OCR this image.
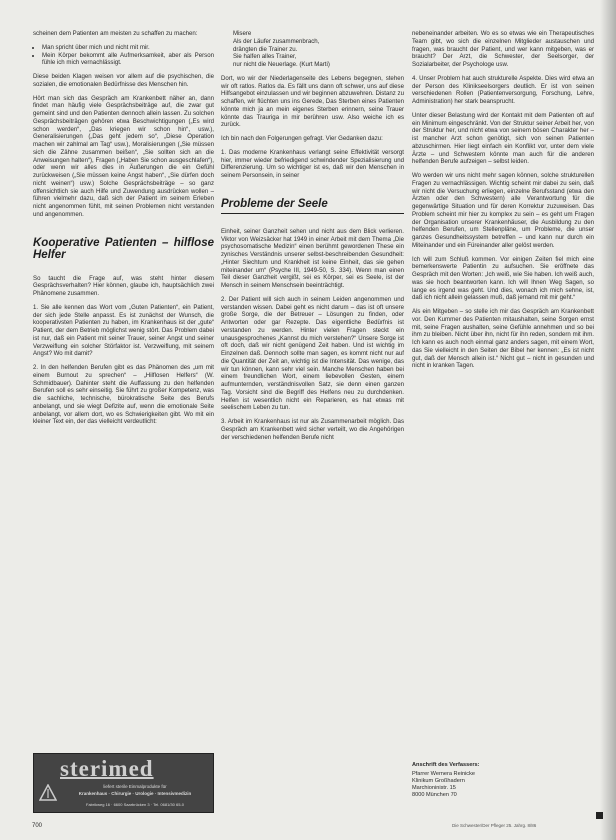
scheinen dem Patienten am meisten zu schaffen zu machen:

• Man spricht über mich und nicht mit mir.
• Mein Körper bekommt alle Aufmerksamkeit, aber als Person fühle ich mich vernachlässigt.

Diese beiden Klagen weisen vor allem auf die psychischen, die sozialen, die emotionalen Bedürfnisse des Menschen hin.

Hört man sich das Gespräch am Krankenbett näher an, dann findet man häufig viele Gesprächsbeiträge auf, die zwar gut gemeint sind und den Patienten dennoch allein lassen. Zu solchen Gesprächsbeiträgen gehören etwa Beschwichtigungen („Es wird schon werden“, „Das kriegen wir schon hin“, usw.), Generalisierungen („Das geht jedem so“, „Diese Operation machen wir zahlmal am Tag“ usw.), Moralisierungen („Sie müssen sich die Zähne zusammen beißen“, „Sie sollten sich an die Anweisungen halten“), Fragen („Haben Sie schon ausgeschlafen“), oder wenn wir alles dies in Äußerungen die ein Gefühl zurückweisen („Sie müssen keine Angst haben“, „Sie dürfen doch nicht weinen“) usw.) Solche Gesprächsbeiträge – so ganz offensichtlich sie auch Hilfe und Zuwendung ausdrücken wollen – führen vielmehr dazu, daß sich der Patient im seinem Erleben nicht angenommen fühlt, mit seinen Problemen nicht verstanden und angenommen.

Kooperative Patienten – hilflose Helfer

So taucht die Frage auf, was steht hinter diesem Gesprächsverhalten? Hier können, glaube ich, hauptsächlich zwei Phänomene zusammen.

1. Sie alle kennen das Wort vom „Guten Patienten“, ein Patient, der sich jede Stelle anpasst. Es ist zunächst der Wunsch, die kooperativsten Patienten zu haben, im Krankenhaus ist der „gute“ Patient, der dem Betrieb möglichst wenig stört. Das Problem dabei ist nur, daß ein Patient mit seiner Trauer, seiner Angst und seiner Verzweiflung ein solcher Störfaktor ist. Verzweiflung, mit seinem Angst? Wo mit damit?

2. In den helfenden Berufen gibt es das Phänomen des „um mit einem Burnout zu sprechen“ – „Hilflosen Helfers“ (W. Schmidbauer). Dahinter steht die Auffassung zu den helfenden Berufen soll es sehr einseitig. Sie führt zu großer Kompetenz, was die sachliche, technische, bürokratische Seite des Berufs anbelangt, und sie wiegt Defizite auf, wenn die emotionale Seite anbelangt, vor allem dort, wo es Schwierigkeiten gibt. Wo mit ein kleiner Text ein, der das vielleicht verdeutlicht:

Misere
Als der Läufer zusammenbrach,
drängten die Trainer zu.
Sie halfen alles Trainer,
nur nicht die Neuerlage. (Kurt Marti)

Dort, wo wir der Niederlagenseite des Lebens begegnen, stehen wir oft ratlos. Ratlos da. Es fällt uns dann oft schwer, uns auf diese Hilfsangebot einzulassen und wir beginnen abzuwehren. Distanz zu schaffen, wir flüchten uns ins Gerede, Das Sterben eines Patienten könnte mich ja an mein eigenes Sterben erinnern, seine Trauer könnte das Trauriga in mir berühren usw. Also weiche ich es zurück.

Ich bin nach den Folgerungen gefragt. Vier Gedanken dazu:

1. Das moderne Krankenhaus verlangt seine Effektivität versorgt hier, immer wieder befriedigend schwindender Spezialisierung und Differenzierung. Um so wichtiger ist es, daß wir den Menschen in seinem Personsein, in seiner

Probleme der Seele

Einheit, seiner Ganzheit sehen und nicht aus dem Blick verlieren. Viktor von Weizsäcker hat 1949 in einer Arbeit mit dem Thema „Die psychosomatische Medizin“ einen berühmt gewordenen These ein zynisches Verständnis unserer selbst-beschreibenden Gesundheit: „Hinter Siechtum und Krankheit ist keine Einheit, das sie gehen miteinander um“ (Psyche III, 1949-50, S. 334). Wenn man einen Teil dieser Ganzheit vergißt, sei es Körper, sei es Seele, ist der Mensch in seinem Menschsein beeinträchtigt.

2. Der Patient will sich auch in seinem Leiden angenommen und verstanden wissen. Dabei geht es nicht darum – das ist oft unsere große Sorge, die der Betreuer – Lösungen zu finden, oder Antworten oder gar Rezepte. Das eigentliche Bedürfnis ist verstanden zu werden. Hinter vielen Fragen steckt ein unausgesprochenes „Kannst du mich verstehen?“ Unsere Sorge ist oft doch, daß wir nicht genügend Zeit haben. Und ist wichtig im Einzelnen daß. Dennoch sollte man sagen, es kommt nicht nur auf die Quantität der Zeit an, wichtig ist die Intensität. Das wenige, das wir tun können, kann sehr viel sein. Manche Menschen haben bei einem freundlichen Wort, einem liebevollen Gesten, einem aufmunternden, verständnisvollen Satz, sie denn einen ganzen Tag. Vorsicht sind die Begriff des Helfens neu zu durchdenken. Helfen ist wesentlich nicht ein Reparieren, es hat etwas mit seelischem Leben zu tun.

3. Arbeit im Krankenhaus ist nur als Zusammenarbeit möglich. Das Gespräch am Krankenbett wird sicher verteilt, wo die Angehörigen der verschiedenen helfenden Berufe nicht

nebeneinander arbeiten. Wo es so etwas wie ein Therapeutisches Team gibt, wo sich die einzelnen Mitglieder austauschen und fragen, was braucht der Patient, und wer kann mitgeben, was er braucht? Der Arzt, die Schwester, der Seelsorger, der Sozialarbeiter, der Psychologe usw.

4. Unser Problem hat auch strukturelle Aspekte. Dies wird etwa an der Person des Klinikseelsorgers deutlich. Er ist von seinen verschiedenen Rollen (Patientenversorgung, Forschung, Lehre, Administration) her stark beansprucht.

Unter dieser Belastung wird der Kontakt mit dem Patienten oft auf ein Minimum eingeschränkt. Von der Struktur seiner Arbeit her, von der Struktur her, und nicht etwa von seinem bösen Charakter her – ist mancher Arzt schon genötigt, sich von seinen Patienten abzuschirmen. Hier liegt einfach ein Konflikt vor, unter dem viele Ärzte – und Schwestern könnte man auch für die anderen helfenden Berufe aufzeigen – selbst leiden.

Wo werden wir uns nicht mehr sagen können, solche strukturellen Fragen zu vernachlässigen. Wichtig scheint mir dabei zu sein, daß wir nicht die Versuchung erliegen, einzelne Berufsstand (etwa den Ärzten oder den Schwestern) alle Verantwortung für die gegenwärtige Situation und für deren Korrektur zuzuweisen. Das Problem scheint mir hier zu komplex zu sein – es geht um Fragen der Organisation unserer Krankenhäuser, die Ausbildung zu den helfenden Berufen, um Stellenpläne, um Probleme, die unser ganzes Gesundheitssystem betreffen – und kann nur durch ein Miteinander und ein Füreinander aller gelöst werden.

Ich will zum Schluß kommen. Vor einigen Zeiten fiel mich eine bemerkenswerte Patientin zu aufsuchen. Sie eröffnete das Gespräch mit den Worten: „Ich weiß, wie Sie haben. Ich weiß auch, was sie hoch beantworten kann. Ich will Ihnen Weg Sagen, so lange es irgend was geht. Und dies, wonach ich mich sehne, ist, daß ich nicht allein gelassen muß, daß jemand mit mir geht.“

Als ein Mitgeben – so stelle ich mir das Gespräch am Krankenbett vor. Den Kummer des Patienten mitaushalten, seine Sorgen ernst mit, seine Fragen aushalten, seine Gefühle annehmen und so bei ihm zu bleiben. Nicht über ihn, nicht für ihn reden, sondern mit ihm. Ich kann es auch noch einmal ganz anders sagen, mit einem Wort, das Sie vielleicht in den Seiten der Bibel her kennen: „Es ist nicht gut, daß der Mensch allein ist.“ Nicht gut – nicht in gesunden und nicht in kranken Tagen.

sterimed
liefert sterile Einmalprodukte für
Krankenhaus · Chirurgie · Urologie · Intensivmedizin
Fabrikweg 16 · 6600 Saarbrücken 3 · Tel. 0681/30 65-0
Anschrift des Verfassers:
Pfarrer Wernera Reinicke
Klinikum Großhadern
Marchioninistr. 15
8000 München 70
700	Die Schwester/Der Pfleger 25. Jahrg. 8/86
